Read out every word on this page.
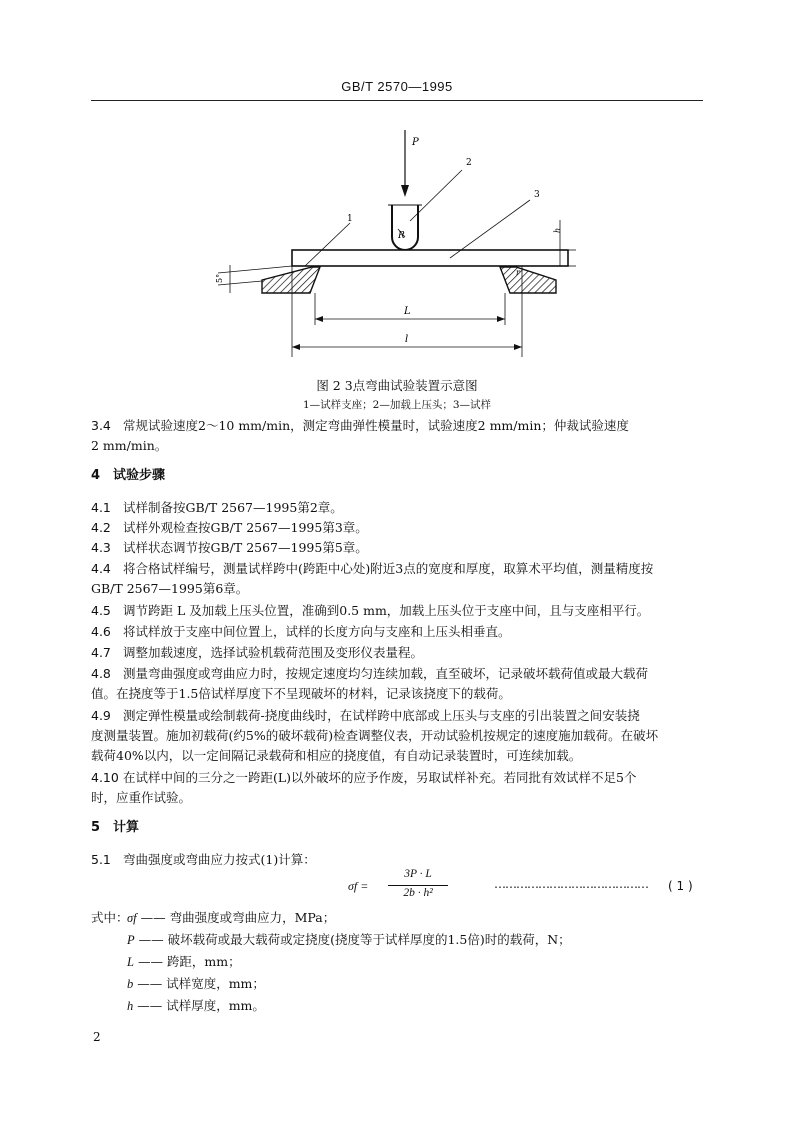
GB/T 2570—1995
P
R
r
5°
h
1
2
3
L
l
图 2 3点弯曲试验装置示意图
1—试样支座；2—加载上压头；3—试样
3.4 常规试验速度2～10 mm/min，测定弯曲弹性模量时，试验速度2 mm/min；仲裁试验速度
2 mm/min。
4 试验步骤
4.1 试样制备按GB/T 2567—1995第2章。
4.2 试样外观检查按GB/T 2567—1995第3章。
4.3 试样状态调节按GB/T 2567—1995第5章。
4.4 将合格试样编号，测量试样跨中(跨距中心处)附近3点的宽度和厚度，取算术平均值，测量精度按
GB/T 2567—1995第6章。
4.5 调节跨距 L 及加载上压头位置，准确到0.5 mm，加载上压头位于支座中间，且与支座相平行。
4.6 将试样放于支座中间位置上，试样的长度方向与支座和上压头相垂直。
4.7 调整加载速度，选择试验机载荷范围及变形仪表量程。
4.8 测量弯曲强度或弯曲应力时，按规定速度均匀连续加载，直至破坏，记录破坏载荷值或最大载荷
值。在挠度等于1.5倍试样厚度下不呈现破坏的材料，记录该挠度下的载荷。
4.9 测定弹性模量或绘制载荷-挠度曲线时，在试样跨中底部或上压头与支座的引出装置之间安装挠
度测量装置。施加初载荷(约5%的破坏载荷)检查调整仪表，开动试验机按规定的速度施加载荷。在破坏
载荷40%以内，以一定间隔记录载荷和相应的挠度值，有自动记录装置时，可连续加载。
4.10 在试样中间的三分之一跨距(L)以外破坏的应予作废，另取试样补充。若同批有效试样不足5个
时，应重作试验。
5 计算
5.1 弯曲强度或弯曲应力按式(1)计算：
σf =
3P · L
2b · h²
…………………………………… ( 1 )
式中：
σf —— 弯曲强度或弯曲应力，MPa；
P —— 破坏载荷或最大载荷或定挠度(挠度等于试样厚度的1.5倍)时的载荷，N；
L —— 跨距，mm；
b —— 试样宽度，mm；
h —— 试样厚度，mm。
2
